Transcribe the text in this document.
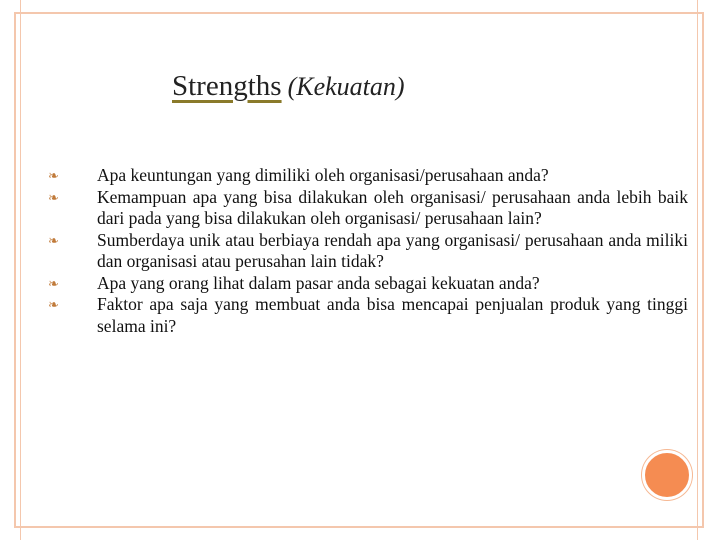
Strengths (Kekuatan)
❧ Apa keuntungan yang dimiliki oleh organisasi/perusahaan anda?
❧ Kemampuan apa yang bisa dilakukan oleh organisasi/ perusahaan anda lebih baik dari pada yang bisa dilakukan oleh organisasi/ perusahaan lain?
❧ Sumberdaya unik atau berbiaya rendah apa yang organisasi/ perusahaan anda miliki dan organisasi atau perusahan lain tidak?
❧ Apa yang orang lihat dalam pasar anda sebagai kekuatan anda?
❧ Faktor apa saja yang membuat anda bisa mencapai penjualan produk yang tinggi selama ini?
